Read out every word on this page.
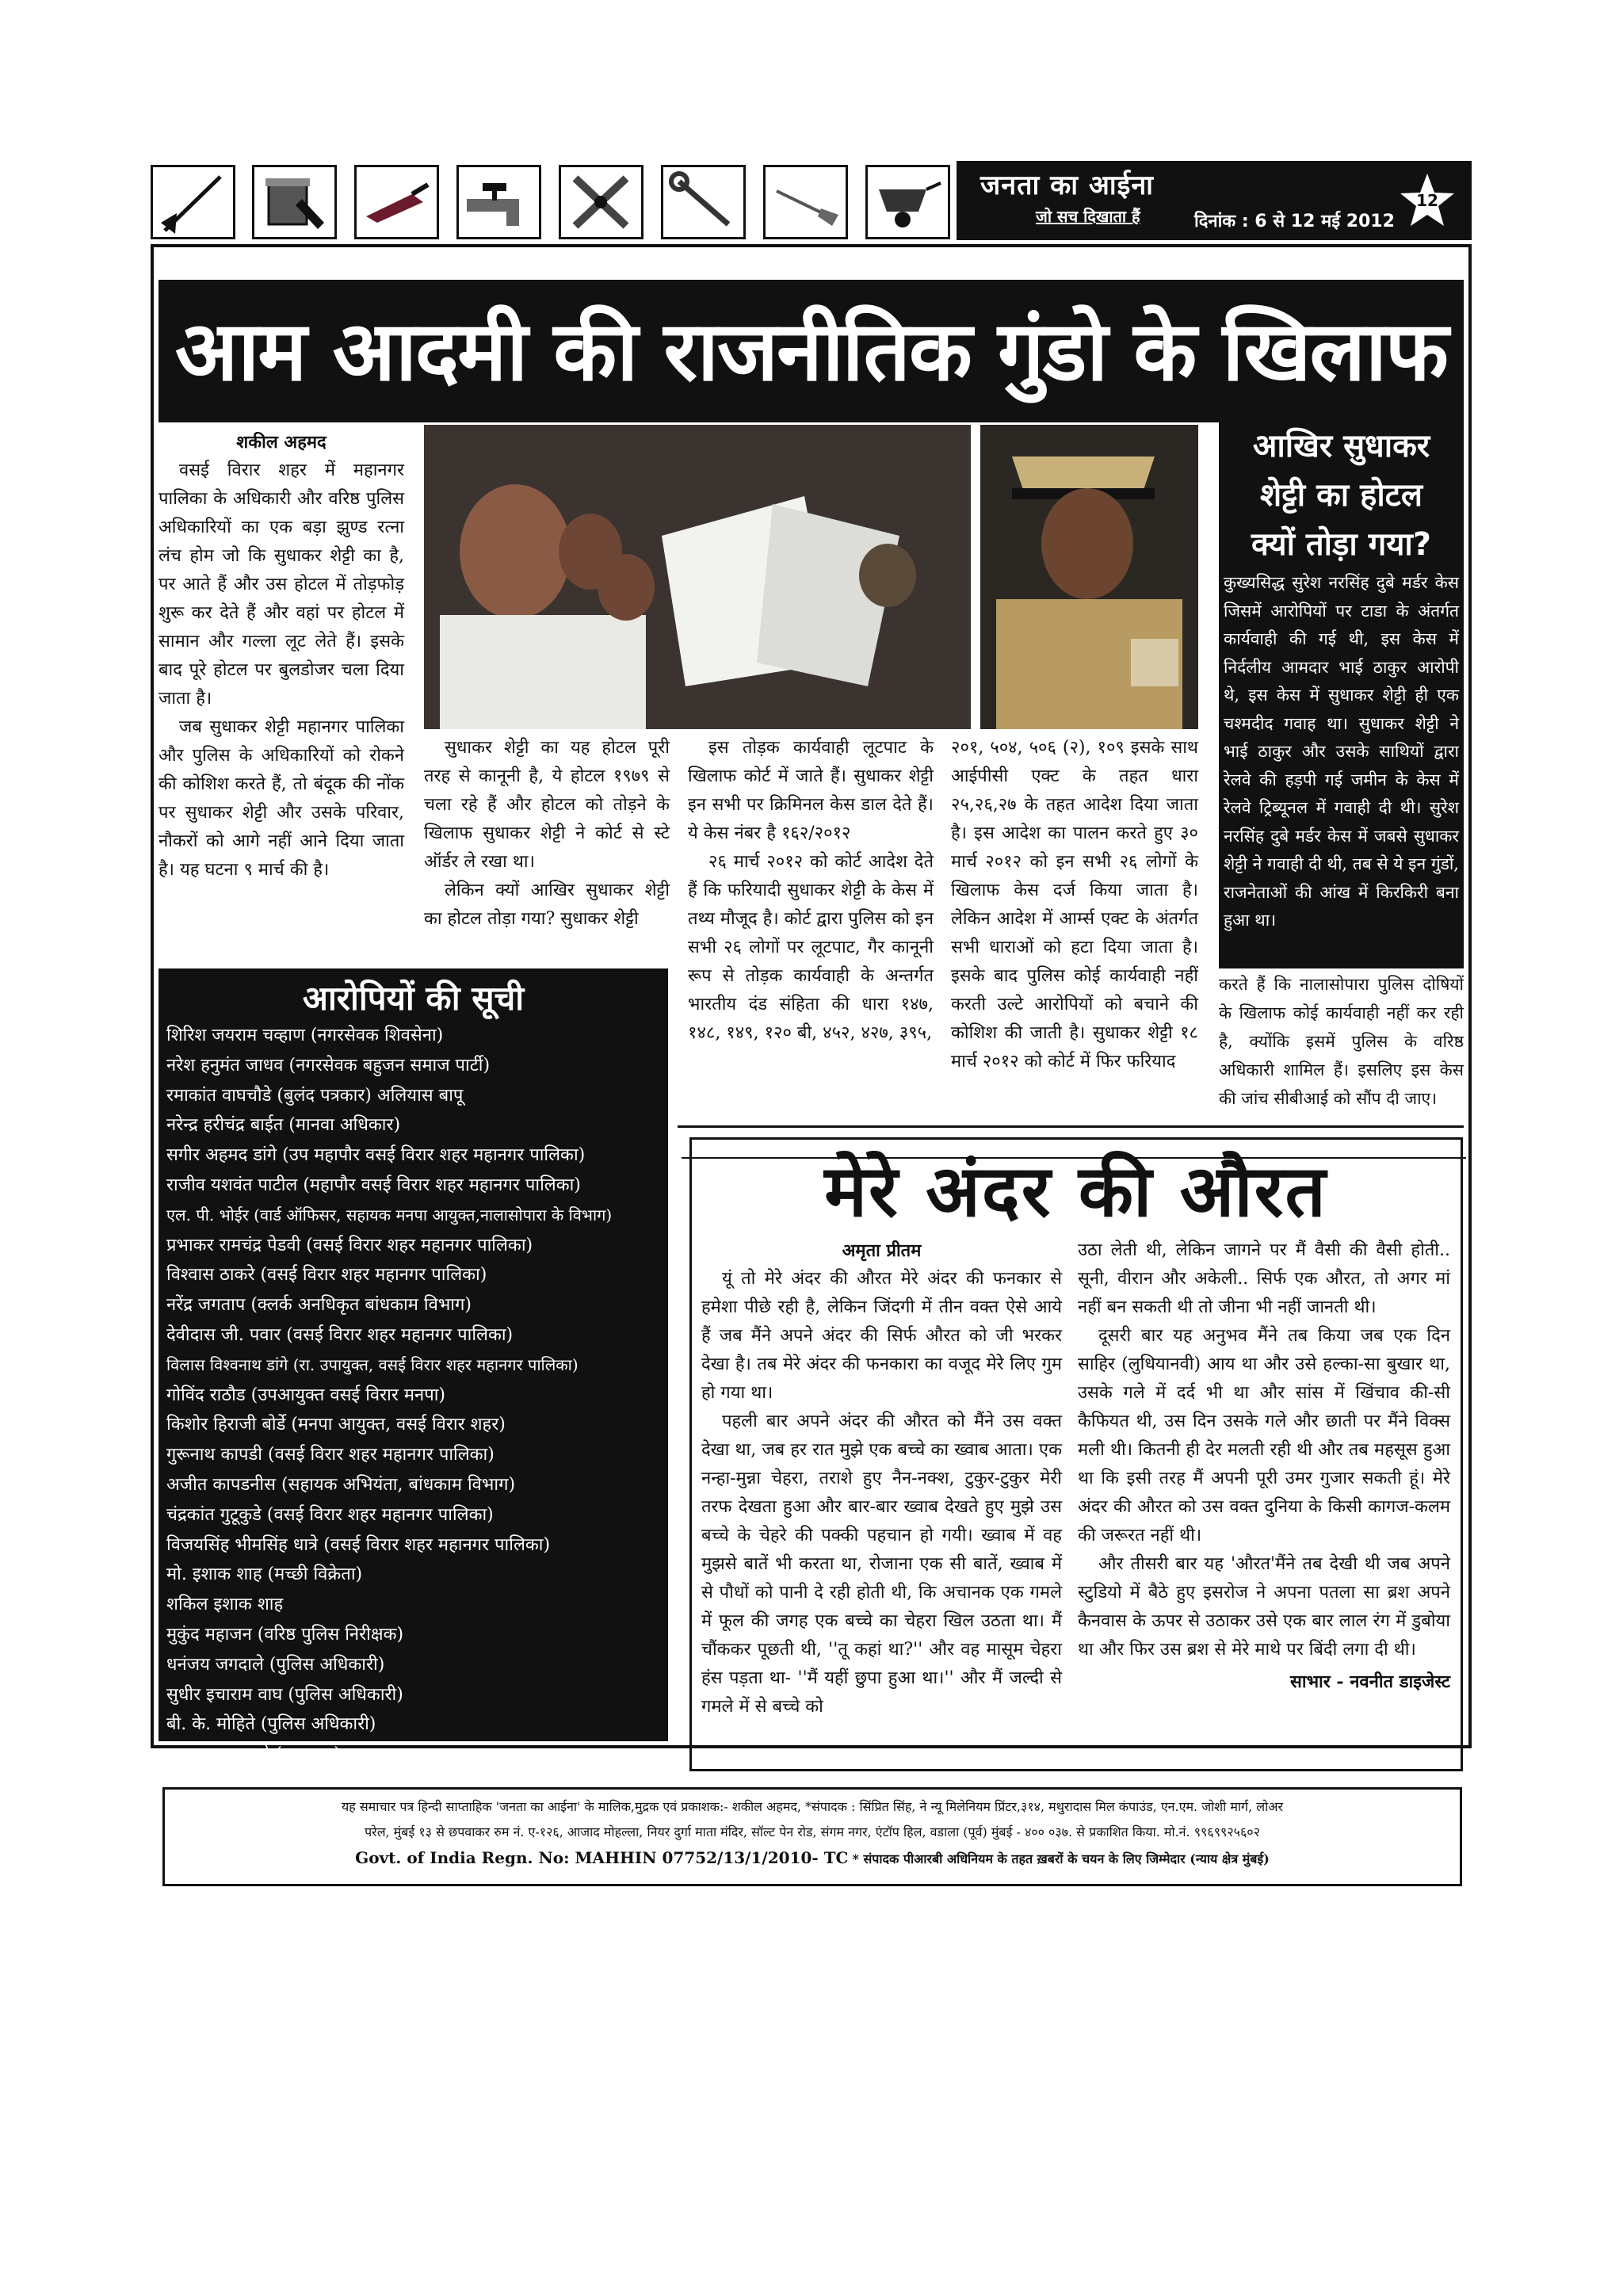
जनता का आईना
जो सच दिखाता हैं	दिनांक : 6 से 12 मई 2012
12
आम आदमी की राजनीतिक गुंडो के खिलाफ
शकील अहमद

वसई विरार शहर में महानगर पालिका के अधिकारी और वरिष्ठ पुलिस अधिकारियों का एक बड़ा झुण्ड रत्ना लंच होम जो कि सुधाकर शेट्टी का है, पर आते हैं और उस होटल में तोड़फोड़ शुरू कर देते हैं और वहां पर होटल में सामान और गल्ला लूट लेते हैं। इसके बाद पूरे होटल पर बुलडोजर चला दिया जाता है।

जब सुधाकर शेट्टी महानगर पालिका और पुलिस के अधिकारियों को रोकने की कोशिश करते हैं, तो बंदूक की नोंक पर सुधाकर शेट्टी और उसके परिवार, नौकरों को आगे नहीं आने दिया जाता है। यह घटना ९ मार्च की है।

सुधाकर शेट्टी का यह होटल पूरी तरह से कानूनी है, ये होटल १९७९ से चला रहे हैं और होटल को तोड़ने के खिलाफ सुधाकर शेट्टी ने कोर्ट से स्टे ऑर्डर ले रखा था।

लेकिन क्यों आखिर सुधाकर शेट्टी का होटल तोड़ा गया? सुधाकर शेट्टी

इस तोड़क कार्यवाही लूटपाट के खिलाफ कोर्ट में जाते हैं। सुधाकर शेट्टी इन सभी पर क्रिमिनल केस डाल देते हैं। ये केस नंबर है १६२/२०१२

२६ मार्च २०१२ को कोर्ट आदेश देते हैं कि फरियादी सुधाकर शेट्टी के केस में तथ्य मौजूद है। कोर्ट द्वारा पुलिस को इन सभी २६ लोगों पर लूटपाट, गैर कानूनी रूप से तोड़क कार्यवाही के अन्तर्गत भारतीय दंड संहिता की धारा १४७, १४८, १४९, १२० बी, ४५२, ४२७, ३९५,

२०१, ५०४, ५०६ (२), १०९ इसके साथ आईपीसी एक्ट के तहत धारा २५,२६,२७ के तहत आदेश दिया जाता है। इस आदेश का पालन करते हुए ३० मार्च २०१२ को इन सभी २६ लोगों के खिलाफ केस दर्ज किया जाता है। लेकिन आदेश में आर्म्स एक्ट के अंतर्गत सभी धाराओं को हटा दिया जाता है। इसके बाद पुलिस कोई कार्यवाही नहीं करती उल्टे आरोपियों को बचाने की कोशिश की जाती है। सुधाकर शेट्टी १८ मार्च २०१२ को कोर्ट में फिर फरियाद

आखिर सुधाकर
शेट्टी का होटल
क्यों तोड़ा गया?
कुख्यसिद्ध सुरेश नरसिंह दुबे मर्डर केस जिसमें आरोपियों पर टाडा के अंतर्गत कार्यवाही की गई थी, इस केस में निर्दलीय आमदार भाई ठाकुर आरोपी थे, इस केस में सुधाकर शेट्टी ही एक चश्मदीद गवाह था। सुधाकर शेट्टी ने भाई ठाकुर और उसके साथियों द्वारा रेलवे की हड़पी गई जमीन के केस में रेलवे ट्रिब्यूनल में गवाही दी थी। सुरेश नरसिंह दुबे मर्डर केस में जबसे सुधाकर शेट्टी ने गवाही दी थी, तब से ये इन गुंडों, राजनेताओं की आंख में किरकिरी बना हुआ था।
करते हैं कि नालासोपारा पुलिस दोषियों के खिलाफ कोई कार्यवाही नहीं कर रही है, क्योंकि इसमें पुलिस के वरिष्ठ अधिकारी शामिल हैं। इसलिए इस केस की जांच सीबीआई को सौंप दी जाए।
आरोपियों की सूची
शिरिश जयराम चव्हाण (नगरसेवक शिवसेना)
नरेश हनुमंत जाधव (नगरसेवक बहुजन समाज पार्टी)
रमाकांत वाघचौडे (बुलंद पत्रकार) अलियास बापू
नरेन्द्र हरीचंद्र बाईत (मानवा अधिकार)
सगीर अहमद डांगे (उप महापौर वसई विरार शहर महानगर पालिका)
राजीव यशवंत पाटील (महापौर वसई विरार शहर महानगर पालिका)
एल. पी. भोईर (वार्ड ऑफिसर, सहायक मनपा आयुक्त,नालासोपारा के विभाग)
प्रभाकर रामचंद्र पेडवी (वसई विरार शहर महानगर पालिका)
विश्वास ठाकरे (वसई विरार शहर महानगर पालिका)
नरेंद्र जगताप (क्लर्क अनधिकृत बांधकाम विभाग)
देवीदास जी. पवार (वसई विरार शहर महानगर पालिका)
विलास विश्वनाथ डांगे (रा. उपायुक्त, वसई विरार शहर महानगर पालिका)
गोविंद राठौड (उपआयुक्त वसई विरार मनपा)
किशोर हिराजी बोर्डे (मनपा आयुक्त, वसई विरार शहर)
गुरूनाथ कापडी (वसई विरार शहर महानगर पालिका)
अजीत कापडनीस (सहायक अभियंता, बांधकाम विभाग)
चंद्रकांत गुटूकुडे (वसई विरार शहर महानगर पालिका)
विजयसिंह भीमसिंह धात्रे (वसई विरार शहर महानगर पालिका)
मो. इशाक शाह (मच्छी विक्रेता)
शकिल इशाक शाह
मुकुंद महाजन (वरिष्ठ पुलिस निरीक्षक)
धनंजय जगदाले (पुलिस अधिकारी)
सुधीर इचाराम वाघ (पुलिस अधिकारी)
बी. के. मोहिते (पुलिस अधिकारी)
एस. एन. नरसुले (हवलदार)
मेरे अंदर की औरत
अमृता प्रीतम

यूं तो मेरे अंदर की औरत मेरे अंदर की फनकार से हमेशा पीछे रही है, लेकिन जिंदगी में तीन वक्त ऐसे आये हैं जब मैंने अपने अंदर की सिर्फ औरत को जी भरकर देखा है। तब मेरे अंदर की फनकारा का वजूद मेरे लिए गुम हो गया था।

पहली बार अपने अंदर की औरत को मैंने उस वक्त देखा था, जब हर रात मुझे एक बच्चे का ख्वाब आता। एक नन्हा-मुन्ना चेहरा, तराशे हुए नैन-नक्श, टुकुर-टुकुर मेरी तरफ देखता हुआ और बार-बार ख्वाब देखते हुए मुझे उस बच्चे के चेहरे की पक्की पहचान हो गयी। ख्वाब में वह मुझसे बातें भी करता था, रोजाना एक सी बातें, ख्वाब में से पौधों को पानी दे रही होती थी, कि अचानक एक गमले में फूल की जगह एक बच्चे का चेहरा खिल उठता था। मैं चौंककर पूछती थी, ''तू कहां था?'' और वह मासूम चेहरा हंस पड़ता था- ''मैं यहीं छुपा हुआ था।'' और मैं जल्दी से गमले में से बच्चे को

उठा लेती थी, लेकिन जागने पर मैं वैसी की वैसी होती.. सूनी, वीरान और अकेली.. सिर्फ एक औरत, तो अगर मां नहीं बन सकती थी तो जीना भी नहीं जानती थी।

दूसरी बार यह अनुभव मैंने तब किया जब एक दिन साहिर (लुधियानवी) आय था और उसे हल्का-सा बुखार था, उसके गले में दर्द भी था और सांस में खिंचाव की-सी कैफियत थी, उस दिन उसके गले और छाती पर मैंने विक्स मली थी। कितनी ही देर मलती रही थी और तब महसूस हुआ था कि इसी तरह मैं अपनी पूरी उमर गुजार सकती हूं। मेरे अंदर की औरत को उस वक्त दुनिया के किसी कागज-कलम की जरूरत नहीं थी।

और तीसरी बार यह 'औरत'मैंने तब देखी थी जब अपने स्टुडियो में बैठे हुए इसरोज ने अपना पतला सा ब्रश अपने कैनवास के ऊपर से उठाकर उसे एक बार लाल रंग में डुबोया था और फिर उस ब्रश से मेरे माथे पर बिंदी लगा दी थी।

साभार - नवनीत डाइजेस्ट
यह समाचार पत्र हिन्दी साप्ताहिक 'जनता का आईना' के मालिक,मुद्रक एवं प्रकाशक:- शकील अहमद, *संपादक : सिंप्रित सिंह, ने न्यू मिलेनियम प्रिंटर,३१४, मथुरादास मिल कंपाउंड, एन.एम. जोशी मार्ग, लोअर
परेल, मुंबई १३ से छपवाकर रुम नं. ए-१२६, आजाद मोहल्ला, नियर दुर्गा माता मंदिर, सॉल्ट पेन रोड, संगम नगर, एंटॉप हिल, वडाला (पूर्व) मुंबई - ४०० ०३७. से प्रकाशित किया. मो.नं. ९९६९९२५६०२
Govt. of India Regn. No: MAHHIN 07752/13/1/2010- TC * संपादक पीआरबी अधिनियम के तहत ख़बरों के चयन के लिए जिम्मेदार (न्याय क्षेत्र मुंबई)
